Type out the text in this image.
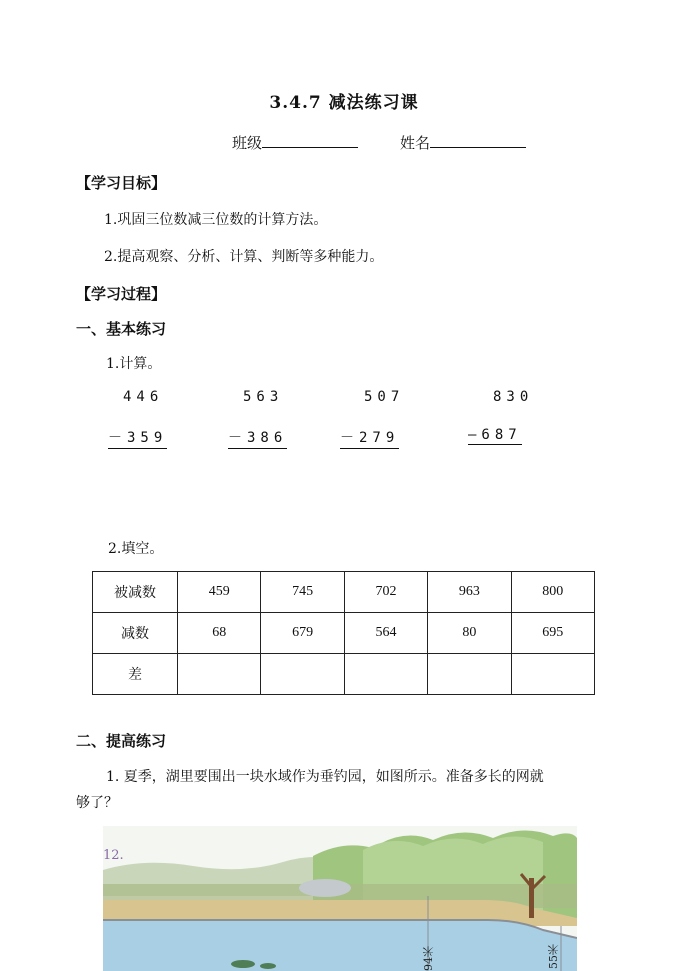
3.4.7 减法练习课
班级	姓名
【学习目标】
1.巩固三位数减三位数的计算方法。
2.提高观察、分析、计算、判断等多种能力。
【学习过程】
一、基本练习
1.计算。
446
－359
563
－386
507
－279
830
—687
2.填空。
被减数	459	745	702	963	800
减数	68	679	564	80	695
差					
二、提高练习
1. 夏季，湖里要围出一块水域作为垂钓园，如图所示。准备多长的网就
够了？
12.
94米	55米
